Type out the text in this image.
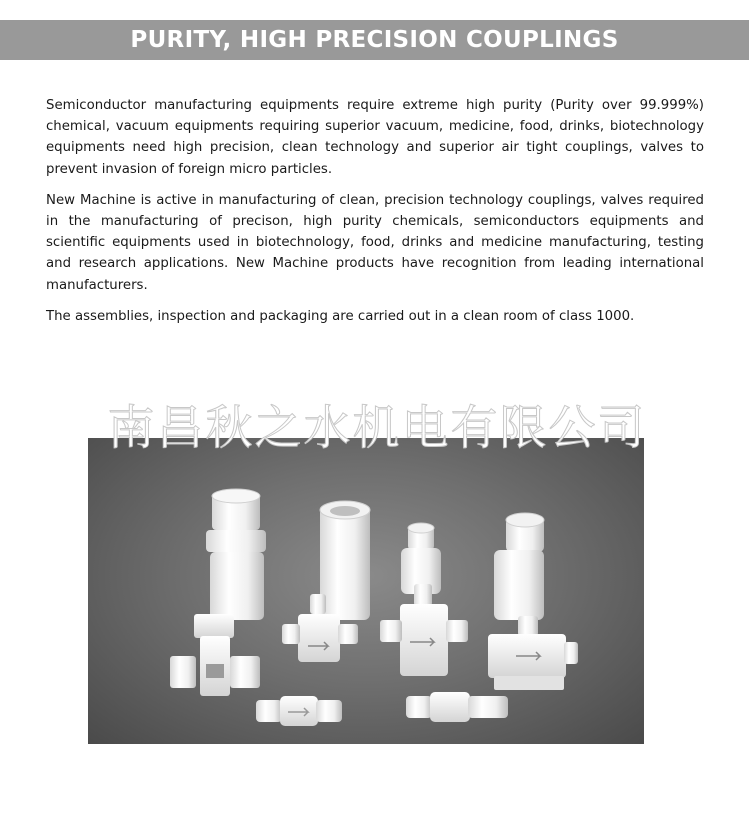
PURITY, HIGH PRECISION COUPLINGS

Semiconductor manufacturing equipments require extreme high purity (Purity over 99.999%) chemical, vacuum equipments requiring superior vacuum, medicine, food, drinks, biotechnology equipments need high precision, clean technology and superior air tight couplings, valves to prevent invasion of foreign micro particles.

New Machine is active in manufacturing of clean, precision technology couplings, valves required in the manufacturing of precison, high purity chemicals, semiconductors equipments and scientific equipments used in biotechnology, food, drinks and medicine manufacturing, testing and research applications. New Machine products have recognition from leading international manufacturers.

The assemblies, inspection and packaging are carried out in a clean room of class 1000.

南昌秋之水机电有限公司
